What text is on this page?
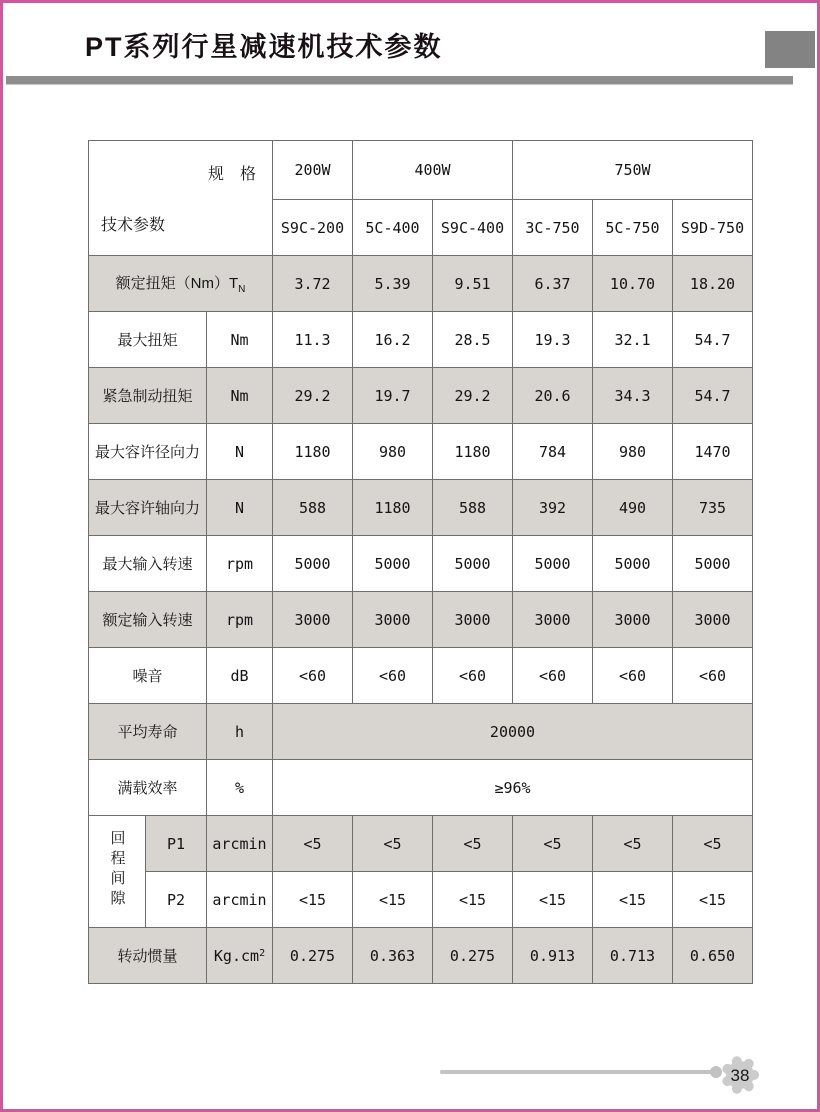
PT系列行星减速机技术参数
规　格
技术参数			200W	400W		750W		
			S9C-200	5C-400	S9C-400	3C-750	5C-750	S9D-750
额定扭矩$(Nm)T_N$			3.72	5.39	9.51	6.37	10.70	18.20
最大扭矩		Nm	11.3	16.2	28.5	19.3	32.1	54.7
紧急制动扭矩		Nm	29.2	19.7	29.2	20.6	34.3	54.7
最大容许径向力		N	1180	980	1180	784	980	1470
最大容许轴向力		N	588	1180	588	392	490	735
最大输入转速		rpm	5000	5000	5000	5000	5000	5000
额定输入转速		rpm	3000	3000	3000	3000	3000	3000
噪音		dB	<60	<60	<60	<60	<60	<60
平均寿命		h	20000					
满载效率		%	≥96%					
回程间隙	P1	arcmin	<5	<5	<5	<5	<5	<5
	P2	arcmin	<15	<15	<15	<15	<15	<15
转动惯量		$Kg.cm^2$	0.275	0.363	0.275	0.913	0.713	0.650
38
